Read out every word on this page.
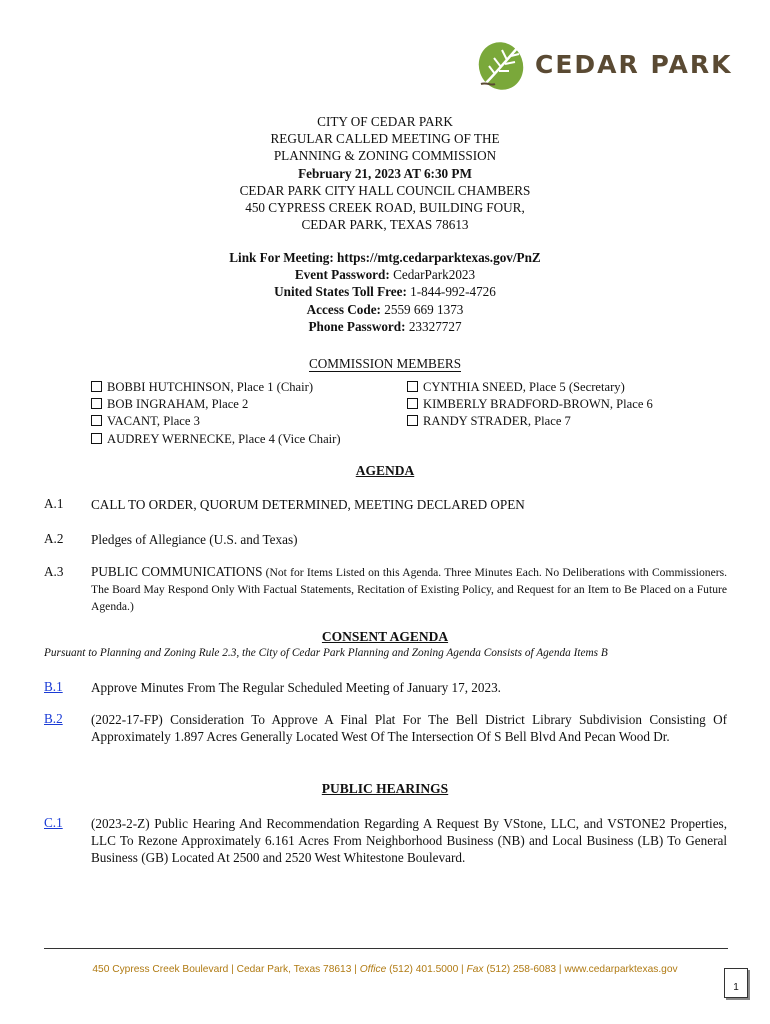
CEDAR PARK
CITY OF CEDAR PARK
REGULAR CALLED MEETING OF THE
PLANNING & ZONING COMMISSION
February 21, 2023 AT 6:30 PM
CEDAR PARK CITY HALL COUNCIL CHAMBERS
450 CYPRESS CREEK ROAD, BUILDING FOUR,
CEDAR PARK, TEXAS 78613
Link For Meeting: https://mtg.cedarparktexas.gov/PnZ
Event Password: CedarPark2023
United States Toll Free: 1-844-992-4726
Access Code: 2559 669 1373
Phone Password: 23327727
COMMISSION MEMBERS
BOBBI HUTCHINSON, Place 1 (Chair)
BOB INGRAHAM, Place 2
VACANT, Place 3
AUDREY WERNECKE, Place 4 (Vice Chair)
CYNTHIA SNEED, Place 5 (Secretary)
KIMBERLY BRADFORD-BROWN, Place 6
RANDY STRADER, Place 7
AGENDA
A.1 CALL TO ORDER, QUORUM DETERMINED, MEETING DECLARED OPEN
A.2 Pledges of Allegiance (U.S. and Texas)
A.3 PUBLIC COMMUNICATIONS (Not for Items Listed on this Agenda. Three Minutes Each. No Deliberations with Commissioners. The Board May Respond Only With Factual Statements, Recitation of Existing Policy, and Request for an Item to Be Placed on a Future Agenda.)
CONSENT AGENDA
Pursuant to Planning and Zoning Rule 2.3, the City of Cedar Park Planning and Zoning Agenda Consists of Agenda Items B
B.1 Approve Minutes From The Regular Scheduled Meeting of January 17, 2023.
B.2 (2022-17-FP) Consideration To Approve A Final Plat For The Bell District Library Subdivision Consisting Of Approximately 1.897 Acres Generally Located West Of The Intersection Of S Bell Blvd And Pecan Wood Dr.
PUBLIC HEARINGS
C.1 (2023-2-Z) Public Hearing And Recommendation Regarding A Request By VStone, LLC, and VSTONE2 Properties, LLC To Rezone Approximately 6.161 Acres From Neighborhood Business (NB) and Local Business (LB) To General Business (GB) Located At 2500 and 2520 West Whitestone Boulevard.
450 Cypress Creek Boulevard | Cedar Park, Texas 78613 | Office (512) 401.5000 | Fax (512) 258-6083 | www.cedarparktexas.gov
1
